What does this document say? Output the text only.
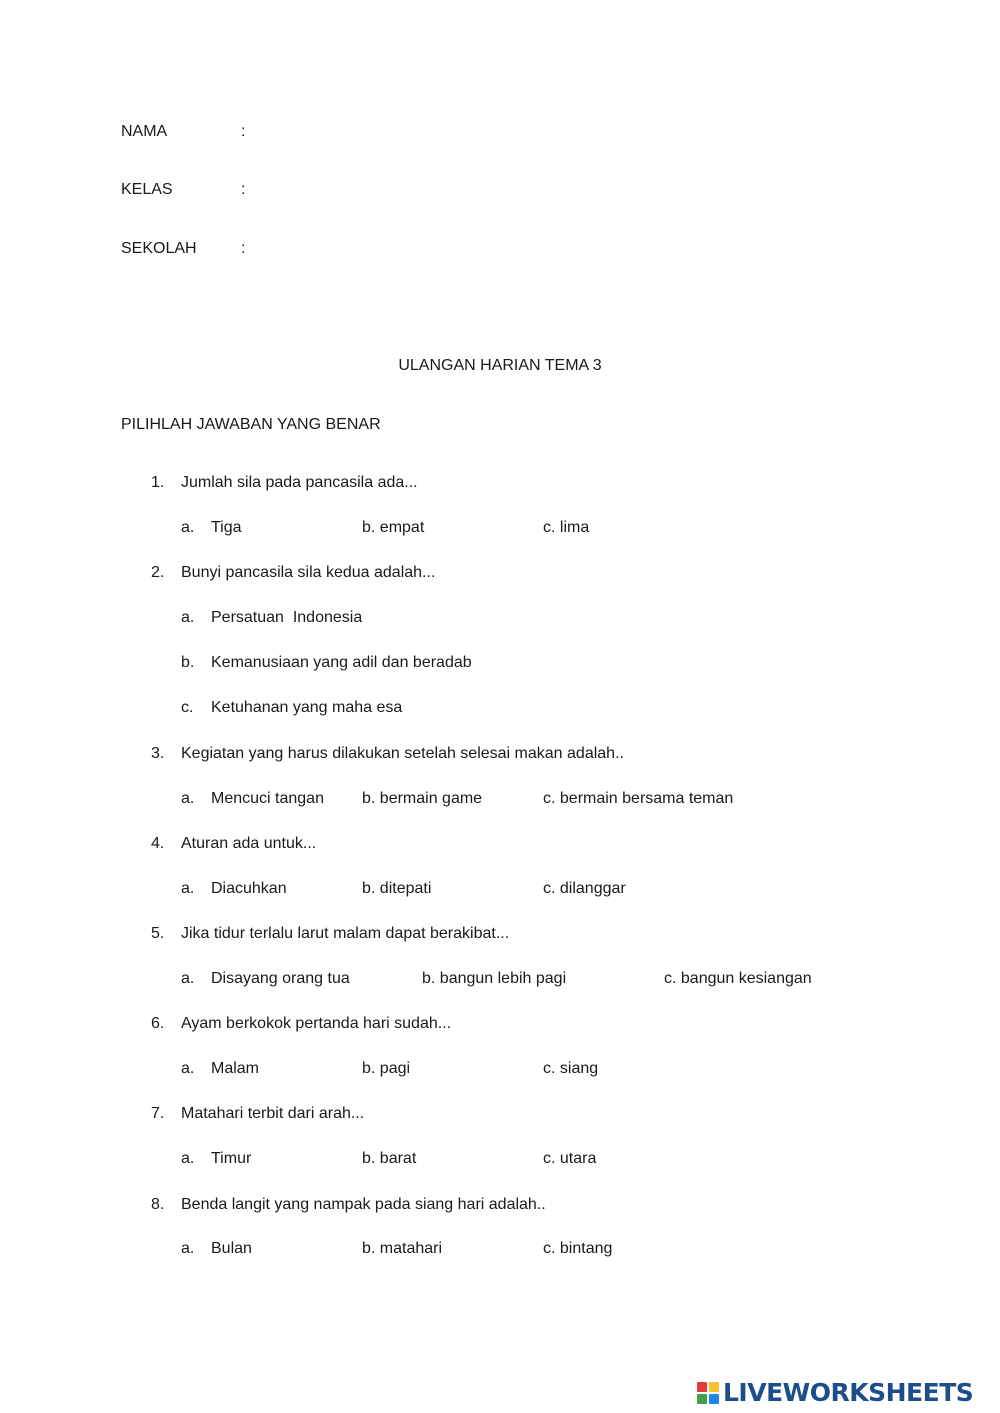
NAMA	:
KELAS	:
SEKOLAH	:
ULANGAN HARIAN TEMA 3
PILIHLAH JAWABAN YANG BENAR
1. Jumlah sila pada pancasila ada...
a. Tiga	b. empat	c. lima
2. Bunyi pancasila sila kedua adalah...
a. Persatuan  Indonesia
b. Kemanusiaan yang adil dan beradab
c. Ketuhanan yang maha esa
3. Kegiatan yang harus dilakukan setelah selesai makan adalah..
a. Mencuci tangan b. bermain game	c. bermain bersama teman
4. Aturan ada untuk...
a. Diacuhkan	b. ditepati	c. dilanggar
5. Jika tidur terlalu larut malam dapat berakibat...
a. Disayang orang tua	b. bangun lebih pagi	c. bangun kesiangan
6. Ayam berkokok pertanda hari sudah...
a. Malam	b. pagi	c. siang
7. Matahari terbit dari arah...
a. Timur	b. barat	c. utara
8. Benda langit yang nampak pada siang hari adalah..
a. Bulan	b. matahari	c. bintang
LIVEWORKSHEETS
